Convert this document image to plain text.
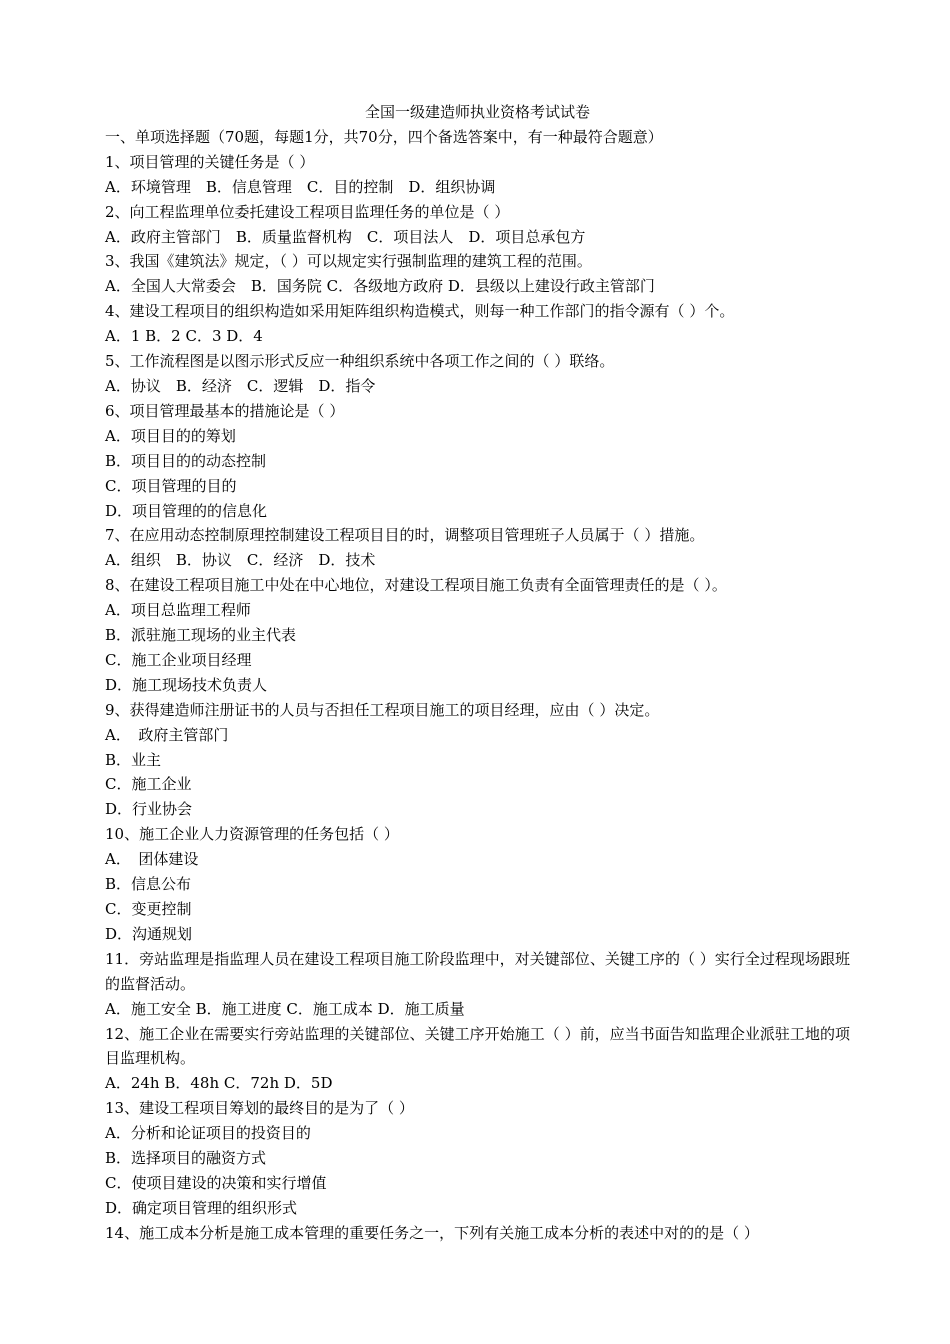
全国一级建造师执业资格考试试卷

一、单项选择题（70题，每题1分，共70分，四个备选答案中，有一种最符合题意）

1、项目管理的关键任务是（ ）

A．环境管理　B．信息管理　C．目的控制　D．组织协调

2、向工程监理单位委托建设工程项目监理任务的单位是（ ）

A．政府主管部门　B．质量监督机构　C．项目法人　D．项目总承包方

3、我国《建筑法》规定，（ ）可以规定实行强制监理的建筑工程的范围。

A．全国人大常委会　B．国务院 C．各级地方政府 D．县级以上建设行政主管部门

4、建设工程项目的组织构造如采用矩阵组织构造模式，则每一种工作部门的指令源有（ ）个。

A．1 B．2 C．3 D．4

5、工作流程图是以图示形式反应一种组织系统中各项工作之间的（ ）联络。

A．协议　B．经济　C．逻辑　D．指令

6、项目管理最基本的措施论是（ ）

A．项目目的的筹划

B．项目目的的动态控制

C．项目管理的目的

D．项目管理的的信息化

7、在应用动态控制原理控制建设工程项目目的时，调整项目管理班子人员属于（ ）措施。

A．组织　B．协议　C．经济　D．技术

8、在建设工程项目施工中处在中心地位，对建设工程项目施工负责有全面管理责任的是（ ）。

A．项目总监理工程师

B．派驻施工现场的业主代表

C．施工企业项目经理

D．施工现场技术负责人

9、获得建造师注册证书的人员与否担任工程项目施工的项目经理，应由（ ）决定。

A．　政府主管部门

B．业主

C．施工企业

D．行业协会

10、施工企业人力资源管理的任务包括（ ）

A．　团体建设

B．信息公布

C．变更控制

D．沟通规划

11．旁站监理是指监理人员在建设工程项目施工阶段监理中，对关键部位、关键工序的（ ）实行全过程现场跟班的监督活动。

A．施工安全 B．施工进度 C．施工成本 D．施工质量

12、施工企业在需要实行旁站监理的关键部位、关键工序开始施工（ ）前，应当书面告知监理企业派驻工地的项目监理机构。

A．24h B．48h C．72h D．5D

13、建设工程项目筹划的最终目的是为了（ ）

A．分析和论证项目的投资目的

B．选择项目的融资方式

C．使项目建设的决策和实行增值

D．确定项目管理的组织形式

14、施工成本分析是施工成本管理的重要任务之一，下列有关施工成本分析的表述中对的的是（ ）
